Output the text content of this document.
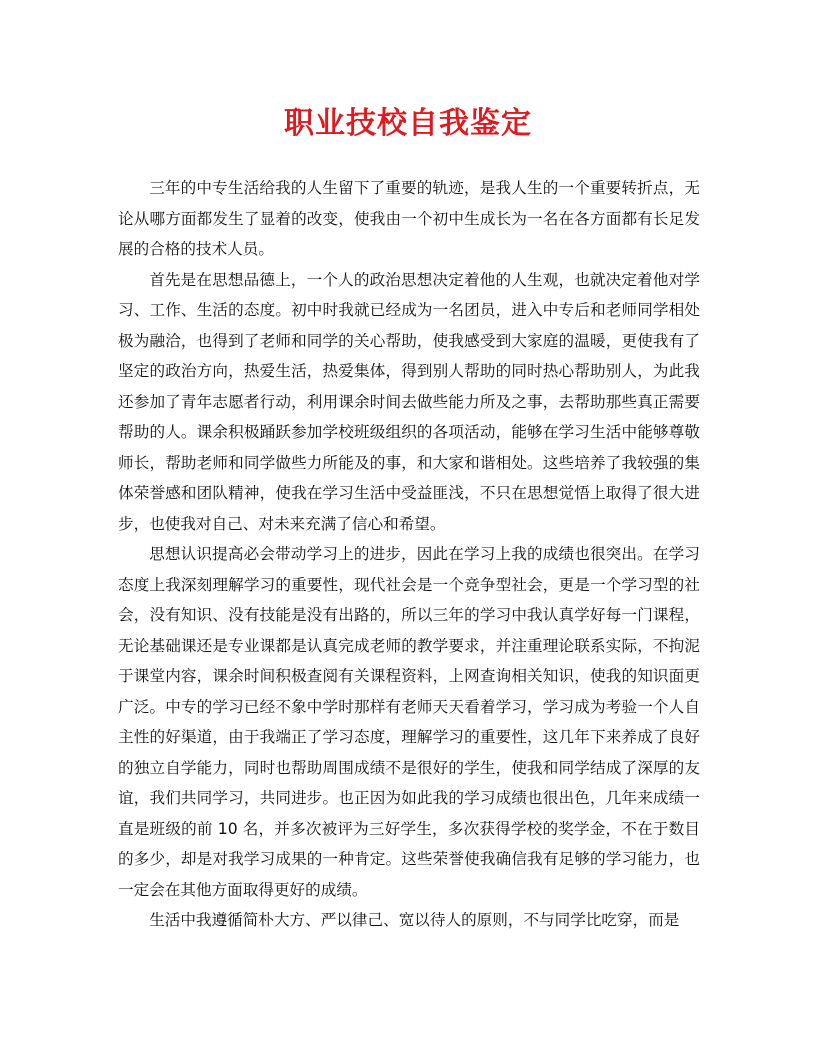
职业技校自我鉴定

三年的中专生活给我的人生留下了重要的轨迹，是我人生的一个重要转折点，无论从哪方面都发生了显着的改变，使我由一个初中生成长为一名在各方面都有长足发展的合格的技术人员。

首先是在思想品德上，一个人的政治思想决定着他的人生观，也就决定着他对学习、工作、生活的态度。初中时我就已经成为一名团员，进入中专后和老师同学相处极为融洽，也得到了老师和同学的关心帮助，使我感受到大家庭的温暖，更使我有了坚定的政治方向，热爱生活，热爱集体，得到别人帮助的同时热心帮助别人，为此我还参加了青年志愿者行动，利用课余时间去做些能力所及之事，去帮助那些真正需要帮助的人。课余积极踊跃参加学校班级组织的各项活动，能够在学习生活中能够尊敬师长，帮助老师和同学做些力所能及的事，和大家和谐相处。这些培养了我较强的集体荣誉感和团队精神，使我在学习生活中受益匪浅，不只在思想觉悟上取得了很大进步，也使我对自己、对未来充满了信心和希望。

思想认识提高必会带动学习上的进步，因此在学习上我的成绩也很突出。在学习态度上我深刻理解学习的重要性，现代社会是一个竞争型社会，更是一个学习型的社会，没有知识、没有技能是没有出路的，所以三年的学习中我认真学好每一门课程，无论基础课还是专业课都是认真完成老师的教学要求，并注重理论联系实际，不拘泥于课堂内容，课余时间积极查阅有关课程资料，上网查询相关知识，使我的知识面更广泛。中专的学习已经不象中学时那样有老师天天看着学习，学习成为考验一个人自主性的好渠道，由于我端正了学习态度，理解学习的重要性，这几年下来养成了良好的独立自学能力，同时也帮助周围成绩不是很好的学生，使我和同学结成了深厚的友谊，我们共同学习，共同进步。也正因为如此我的学习成绩也很出色，几年来成绩一直是班级的前 10 名，并多次被评为三好学生，多次获得学校的奖学金，不在于数目的多少，却是对我学习成果的一种肯定。这些荣誉使我确信我有足够的学习能力，也一定会在其他方面取得更好的成绩。

生活中我遵循简朴大方、严以律己、宽以待人的原则，不与同学比吃穿，而是
